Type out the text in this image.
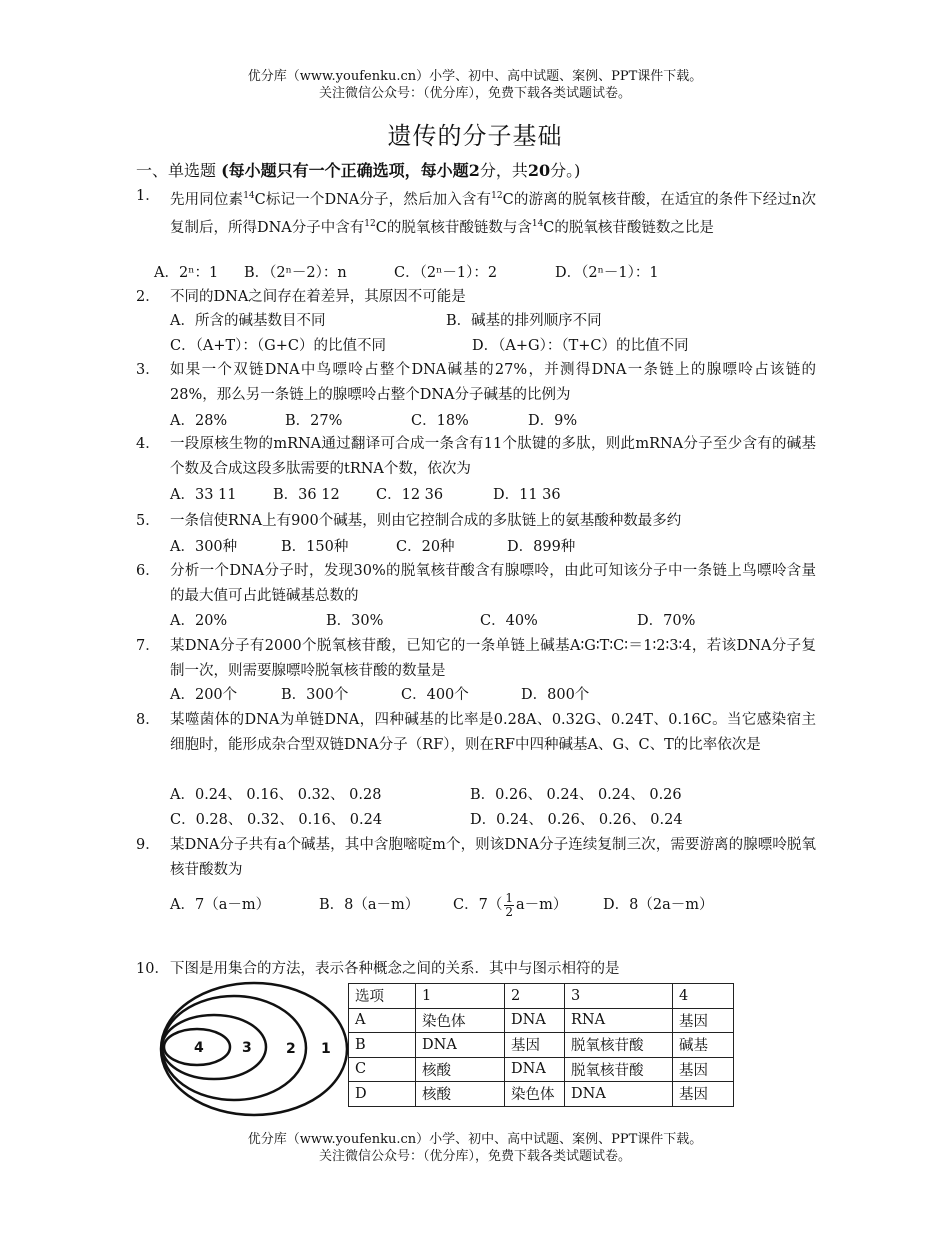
优分库（www.youfenku.cn）小学、初中、高中试题、案例、PPT课件下载。
关注微信公众号：（优分库），免费下载各类试题试卷。
遗传的分子基础
一、单选题 (每小题只有一个正确选项，每小题2分，共20分。)
1． 先用同位素$^{14}$C标记一个DNA分子，然后加入含有$^{12}$C的游离的脱氧核苷酸，在适宜的条件下经过n次复制后，所得DNA分子中含有$^{12}$C的脱氧核苷酸链数与含$^{14}$C的脱氧核苷酸链数之比是
A．2ⁿ：1 B．（2ⁿ－2）：n	C．（2ⁿ－1）：2	D．（2ⁿ－1）：1
2． 不同的DNA之间存在着差异，其原因不可能是
A．所含的碱基数目不同	B．碱基的排列顺序不同
C．（A+T）：（G+C）的比值不同	D．（A+G）：（T+C）的比值不同
3． 如果一个双链DNA中鸟嘌呤占整个DNA碱基的27%，并测得DNA一条链上的腺嘌呤占该链的28%，那么另一条链上的腺嘌呤占整个DNA分子碱基的比例为
A．28%	B．27%	C．18%	D．9%
4． 一段原核生物的mRNA通过翻译可合成一条含有11个肽键的多肽，则此mRNA分子至少含有的碱基个数及合成这段多肽需要的tRNA个数，依次为
A．33 11	B．36 12	C．12 36	D．11 36
5． 一条信使RNA上有900个碱基，则由它控制合成的多肽链上的氨基酸种数最多约
A．300种	B．150种	C．20种	D．899种
6． 分析一个DNA分子时，发现30%的脱氧核苷酸含有腺嘌呤，由此可知该分子中一条链上鸟嘌呤含量的最大值可占此链碱基总数的
A．20%	B．30%	C．40%	D．70%
7． 某DNA分子有2000个脱氧核苷酸，已知它的一条单链上碱基A∶G∶T∶C∶＝1∶2∶3∶4，若该DNA分子复制一次，则需要腺嘌呤脱氧核苷酸的数量是
A．200个	B．300个	C．400个	D．800个
8． 某噬菌体的DNA为单链DNA，四种碱基的比率是0.28A、0.32G、0.24T、0.16C。当它感染宿主细胞时，能形成杂合型双链DNA分子（RF），则在RF中四种碱基A、G、C、T的比率依次是
A．0.24、 0.16、 0.32、 0.28	B．0.26、 0.24、 0.24、 0.26
C．0.28、 0.32、 0.16、 0.24	D．0.24、 0.26、 0.26、 0.24
9． 某DNA分子共有a个碱基，其中含胞嘧啶m个，则该DNA分子连续复制三次，需要游离的腺嘌呤脱氧核苷酸数为
A．7（a－m）	B．8（a－m） C．$7( \frac{1}{2} a-m)$ D．8（2a－m）
10． 下图是用集合的方法，表示各种概念之间的关系．其中与图示相符的是
4	3 2 1
选项	1	2	3	4
A	染色体	DNA	RNA	基因
B	DNA	基因	脱氧核苷酸	碱基
C	核酸	DNA	脱氧核苷酸	基因
D	核酸	染色体	DNA	基因
优分库（www.youfenku.cn）小学、初中、高中试题、案例、PPT课件下载。
关注微信公众号：（优分库），免费下载各类试题试卷。
